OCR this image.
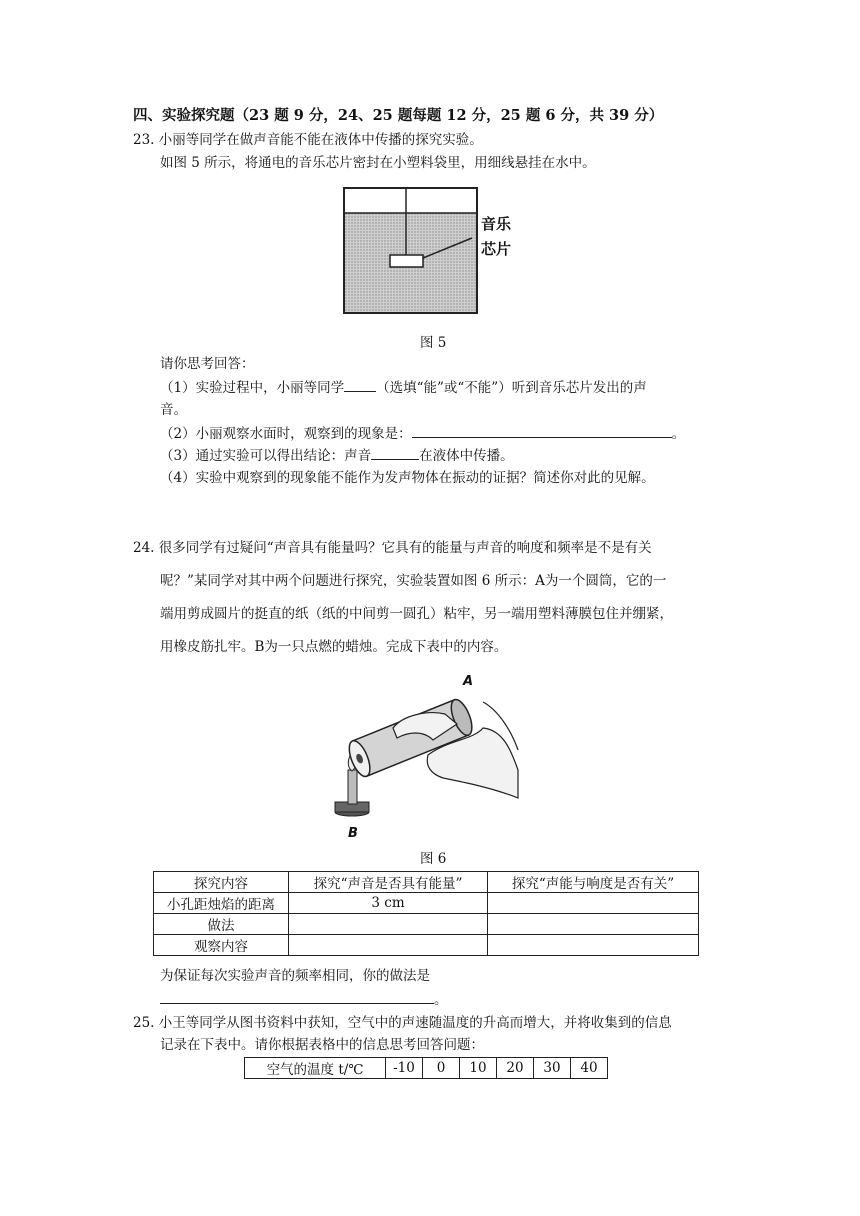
四、实验探究题（23 题 9 分，24、25 题每题 12 分，25 题 6 分，共 39 分）
23. 小丽等同学在做声音能不能在液体中传播的探究实验。
如图 5 所示，将通电的音乐芯片密封在小塑料袋里，用细线悬挂在水中。
音乐
芯片
图 5
请你思考回答：
（1）实验过程中，小丽等同学 （选填“能”或“不能”）听到音乐芯片发出的声
音。
（2）小丽观察水面时，观察到的现象是：	。
（3）通过实验可以得出结论：声音	在液体中传播。
（4）实验中观察到的现象能不能作为发声物体在振动的证据？简述你对此的见解。
24. 很多同学有过疑问“声音具有能量吗？它具有的能量与声音的响度和频率是不是有关
呢？”某同学对其中两个问题进行探究，实验装置如图 6 所示：A为一个圆筒，它的一
端用剪成圆片的挺直的纸（纸的中间剪一圆孔）粘牢，另一端用塑料薄膜包住并绷紧，
用橡皮筋扎牢。B为一只点燃的蜡烛。完成下表中的内容。
B
A
图 6
探究内容	探究“声音是否具有能量”	探究“声能与响度是否有关”
小孔距烛焰的距离	3 cm	
做法		
观察内容		
为保证每次实验声音的频率相同，你的做法是
。
25. 小王等同学从图书资料中获知，空气中的声速随温度的升高而增大，并将收集到的信息
记录在下表中。请你根据表格中的信息思考回答问题：
空气的温度 t/℃	-10	0	10	20	30	40
